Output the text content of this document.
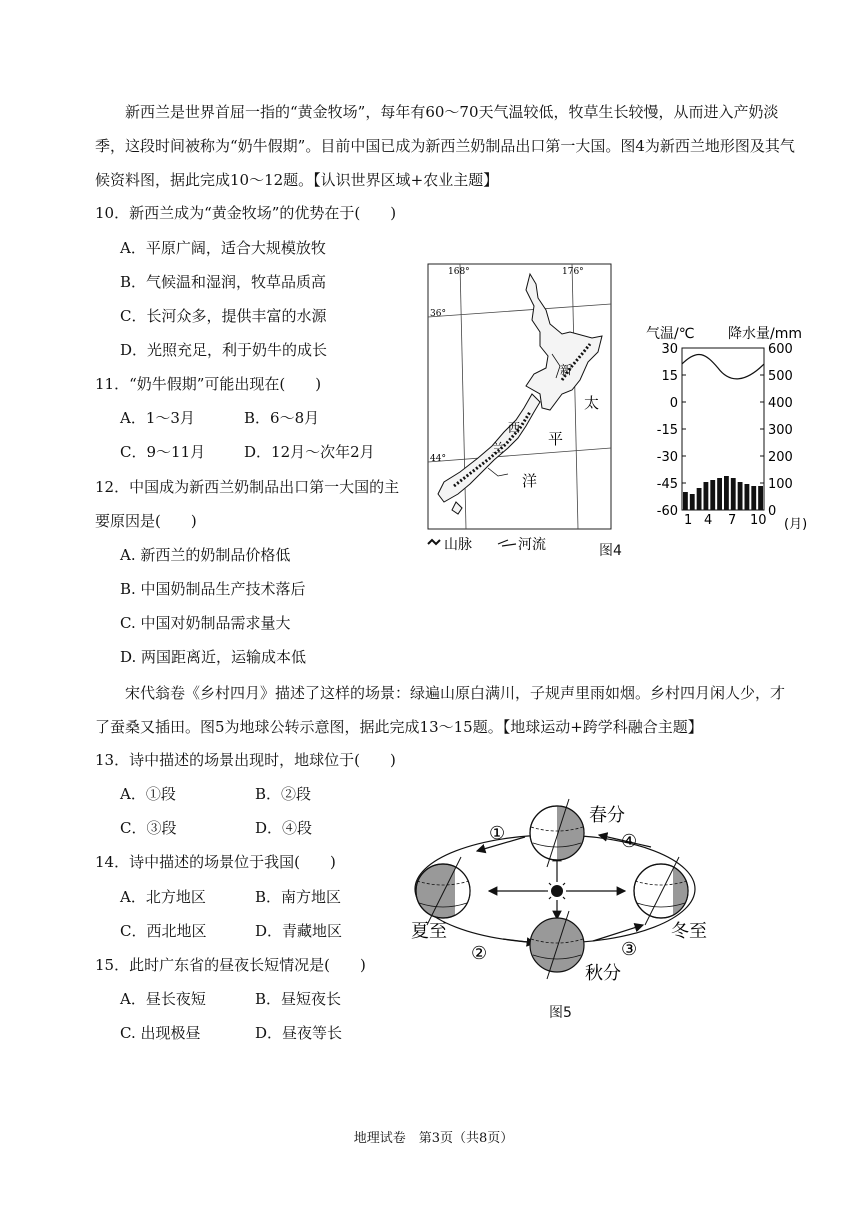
新西兰是世界首屈一指的“黄金牧场”，每年有60～70天气温较低，牧草生长较慢，从而进入产奶淡季，这段时间被称为“奶牛假期”。目前中国已成为新西兰奶制品出口第一大国。图4为新西兰地形图及其气候资料图，据此完成10～12题。【认识世界区域+农业主题】
10．新西兰成为“黄金牧场”的优势在于(　　)
A．平原广阔，适合大规模放牧
B．气候温和湿润，牧草品质高
C．长河众多，提供丰富的水源
D．光照充足，利于奶牛的成长
11．“奶牛假期”可能出现在(　　)
A．1～3月	B．6～8月
C．9～11月	D．12月～次年2月
12．中国成为新西兰奶制品出口第一大国的主
要原因是(　　)
A. 新西兰的奶制品价格低
B. 中国奶制品生产技术落后
C. 中国对奶制品需求量大
D. 两国距离近，运输成本低
168°	176°
36°
44°
新
西
兰
太
平
洋
山脉	河流
气温/℃ 降水量/mm
30	600
15	500
0	400
-15	300
-30	200
-45	100
-60	0
1 4 7 10 (月)
图4
宋代翁卷《乡村四月》描述了这样的场景：绿遍山原白满川，子规声里雨如烟。乡村四月闲人少，才了蚕桑又插田。图5为地球公转示意图，据此完成13～15题。【地球运动+跨学科融合主题】
13．诗中描述的场景出现时，地球位于(　　)
A．①段	B．②段
C．③段	D．④段
14．诗中描述的场景位于我国(　　)
A．北方地区	B．南方地区
C．西北地区	D．青藏地区
15．此时广东省的昼夜长短情况是(　　)
A．昼长夜短	B．昼短夜长
C. 出现极昼	D．昼夜等长
春分
夏至
秋分
冬至
①
②	③
④
图5
地理试卷　第3页（共8页）
